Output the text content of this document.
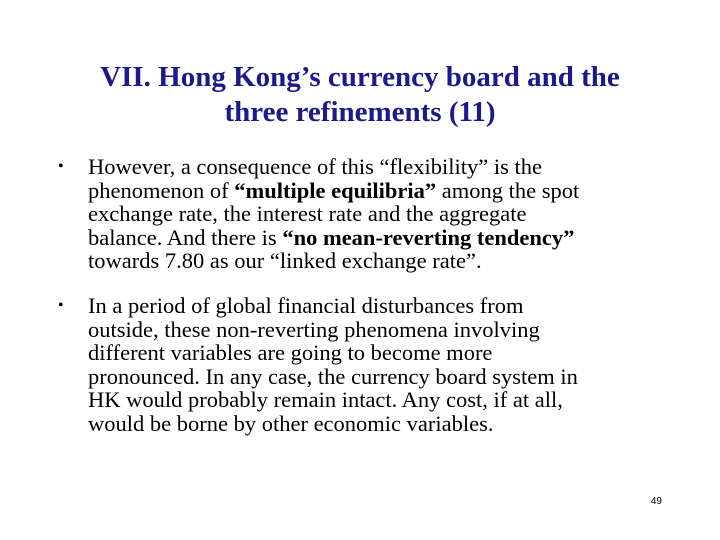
VII. Hong Kong’s currency board and the
three refinements (11)
• However, a consequence of this “flexibility” is the
phenomenon of “multiple equilibria” among the spot
exchange rate, the interest rate and the aggregate
balance. And there is “no mean-reverting tendency”
towards 7.80 as our “linked exchange rate”.
• In a period of global financial disturbances from
outside, these non-reverting phenomena involving
different variables are going to become more
pronounced. In any case, the currency board system in
HK would probably remain intact. Any cost, if at all,
would be borne by other economic variables.
49
